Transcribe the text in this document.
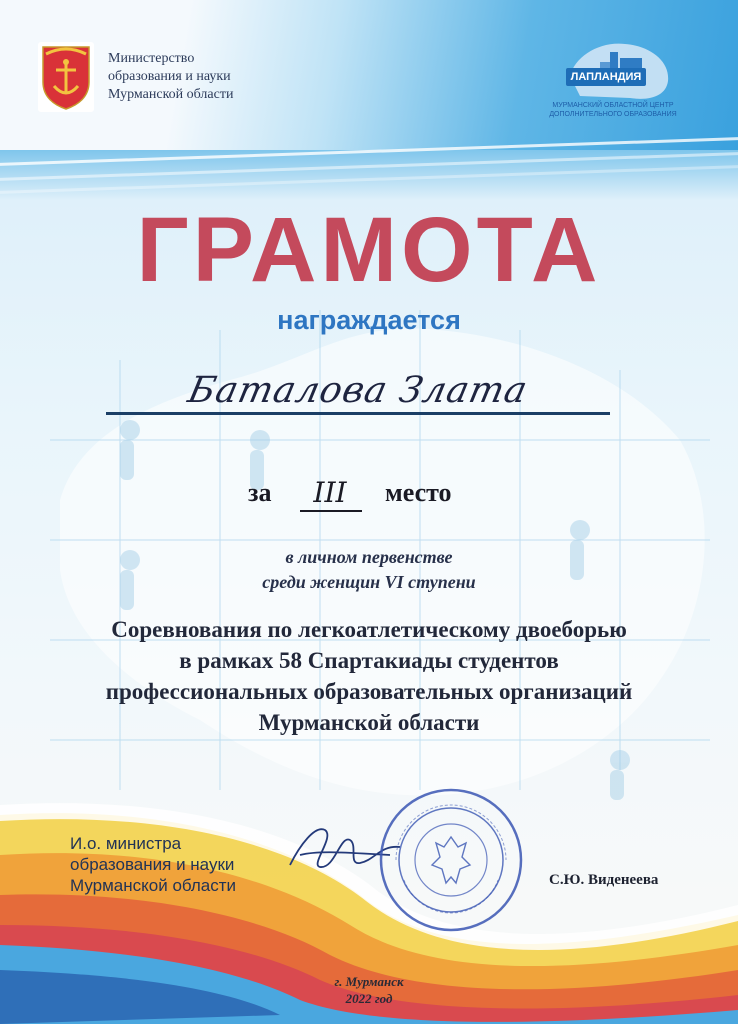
Министерство
образования и науки
Мурманской области
ЛАПЛАНДИЯ
МУРМАНСКИЙ ОБЛАСТНОЙ ЦЕНТР
ДОПОЛНИТЕЛЬНОГО ОБРАЗОВАНИЯ
ГРАМОТА
награждается
Баталова Злата
за	III	место
в личном первенстве
среди женщин VI ступени
Соревнования по легкоатлетическому двоеборью
в рамках 58 Спартакиады студентов
профессиональных образовательных организаций
Мурманской области
И.о. министра
образования и науки
Мурманской области	С.Ю. Виденеева
г. Мурманск
2022 год
